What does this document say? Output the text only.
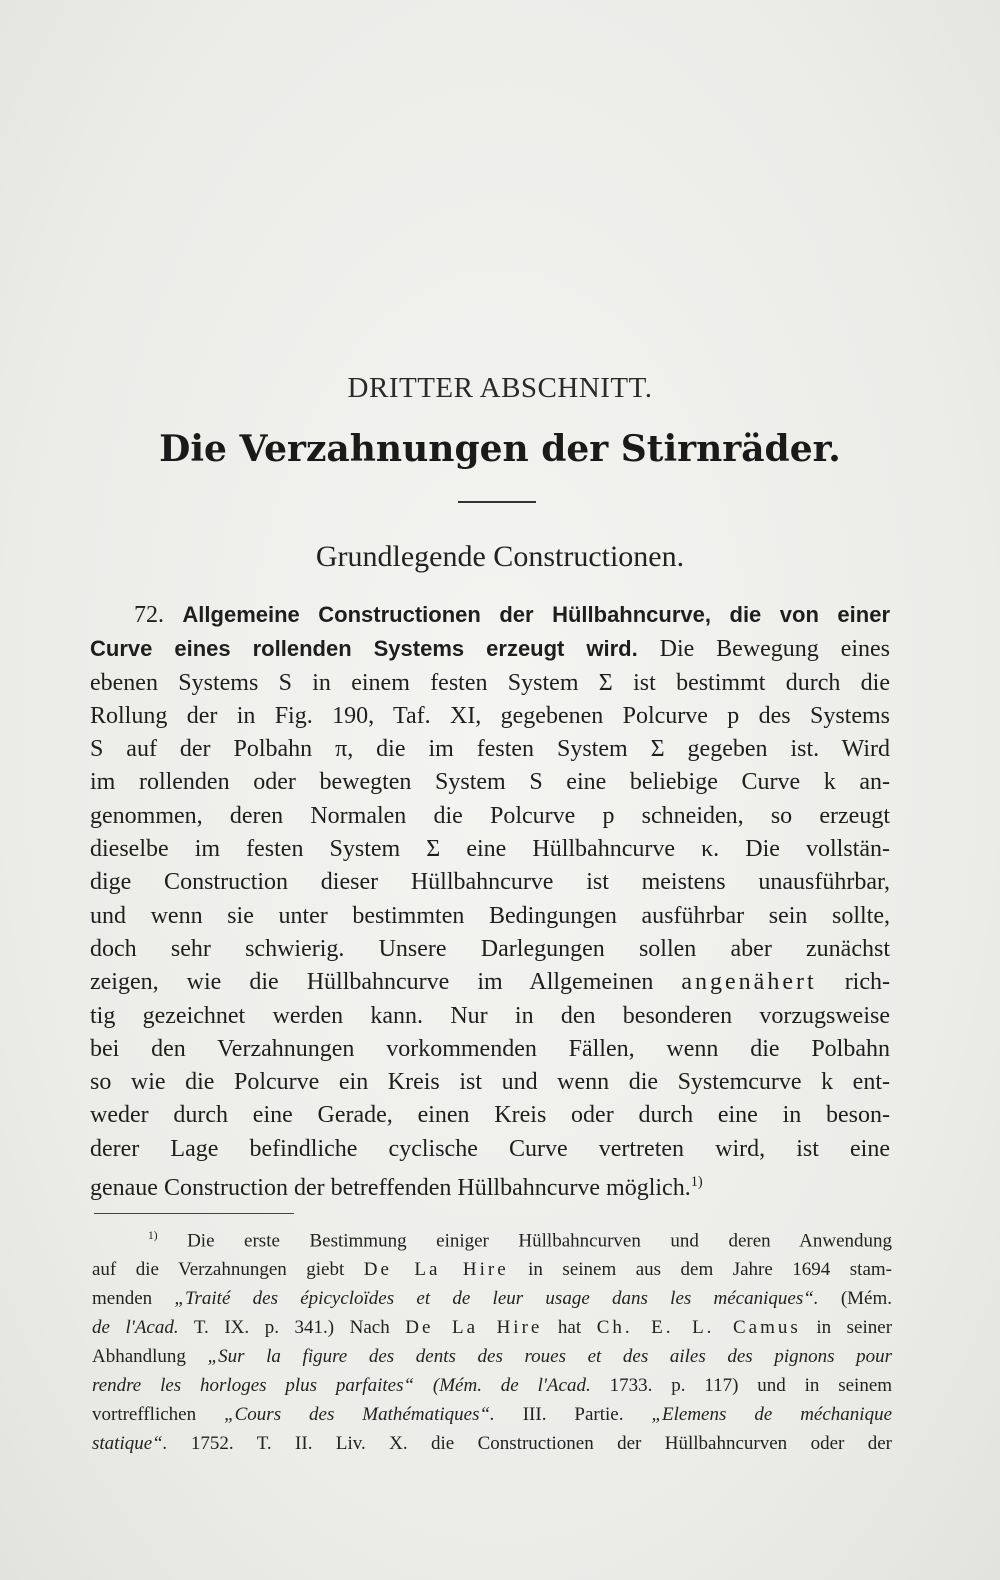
DRITTER ABSCHNITT.
Die Verzahnungen der Stirnräder.
Grundlegende Constructionen.
72. Allgemeine Constructionen der Hüllbahncurve, die von einer
Curve eines rollenden Systems erzeugt wird. Die Bewegung eines
ebenen Systems S in einem festen System Σ ist bestimmt durch die
Rollung der in Fig. 190, Taf. XI, gegebenen Polcurve p des Systems
S auf der Polbahn π, die im festen System Σ gegeben ist. Wird
im rollenden oder bewegten System S eine beliebige Curve k an-
genommen, deren Normalen die Polcurve p schneiden, so erzeugt
dieselbe im festen System Σ eine Hüllbahncurve κ. Die vollstän-
dige Construction dieser Hüllbahncurve ist meistens unausführbar,
und wenn sie unter bestimmten Bedingungen ausführbar sein sollte,
doch sehr schwierig. Unsere Darlegungen sollen aber zunächst
zeigen, wie die Hüllbahncurve im Allgemeinen angenähert rich-
tig gezeichnet werden kann. Nur in den besonderen vorzugsweise
bei den Verzahnungen vorkommenden Fällen, wenn die Polbahn
so wie die Polcurve ein Kreis ist und wenn die Systemcurve k ent-
weder durch eine Gerade, einen Kreis oder durch eine in beson-
derer Lage befindliche cyclische Curve vertreten wird, ist eine
genaue Construction der betreffenden Hüllbahncurve möglich.$^{1)}$
$^{1)}$ Die erste Bestimmung einiger Hüllbahncurven und deren Anwendung
auf die Verzahnungen giebt De La Hire in seinem aus dem Jahre 1694 stam-
menden „Traité des épicycloïdes et de leur usage dans les mécaniques“. (Mém.
de l'Acad. T. IX. p. 341.) Nach De La Hire hat Ch. E. L. Camus in seiner
Abhandlung „Sur la figure des dents des roues et des ailes des pignons pour
rendre les horloges plus parfaites“ (Mém. de l'Acad. 1733. p. 117) und in seinem
vortrefflichen „Cours des Mathématiques“. III. Partie. „Elemens de méchanique
statique“. 1752. T. II. Liv. X. die Constructionen der Hüllbahncurven oder der
